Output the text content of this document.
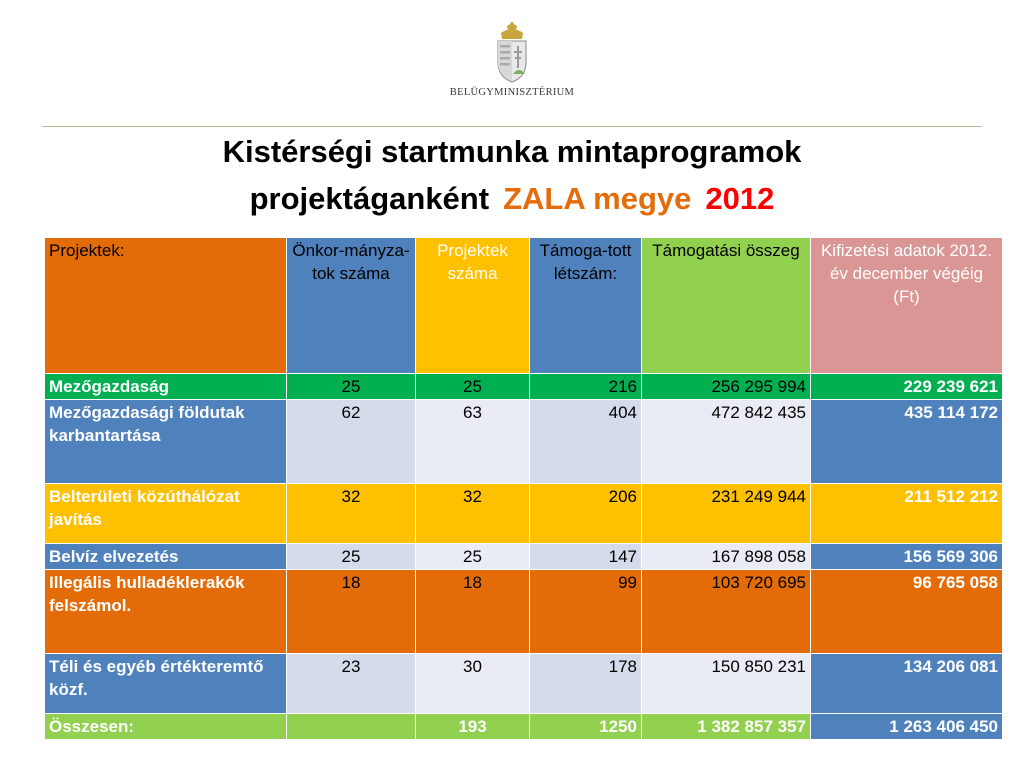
BELÜGYMINISZTÉRIUM
Kistérségi startmunka mintaprogramok
projektáganként ZALA megye 2012
Projektek:	Önkor-mányza-tok száma	Projektek száma	Támoga-tott létszám:	Támogatási összeg	Kifizetési adatok 2012. év december végéig (Ft)
Mezőgazdaság	25	25	216	256 295 994	229 239 621
Mezőgazdasági földutak karbantartása	62	63	404	472 842 435	435 114 172
Belterületi közúthálózat javítás	32	32	206	231 249 944	211 512 212
Belvíz elvezetés	25	25	147	167 898 058	156 569 306
Illegális hulladéklerakók felszámol.	18	18	99	103 720 695	96 765 058
Téli és egyéb értékteremtő közf.	23	30	178	150 850 231	134 206 081
Összesen:		193	1250	1 382 857 357	1 263 406 450
